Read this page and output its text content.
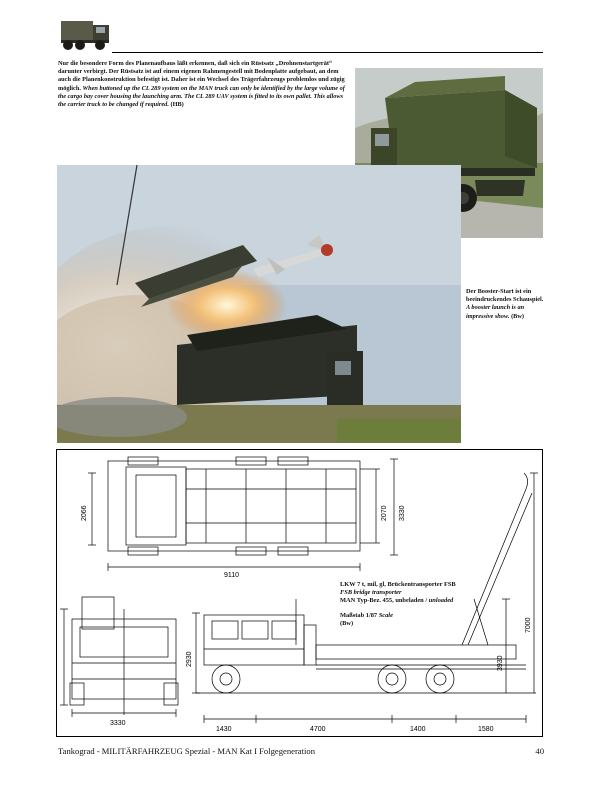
Nur die besondere Form des Planenaufbaus läßt erkennen, daß sich ein Rüstsatz „Drohnenstartgerät“ darunter verbirgt. Der Rüstsatz ist auf einem eigenen Rahmengestell mit Bodenplatte aufgebaut, an dem auch die Planenkonstruktion befestigt ist. Daher ist ein Wechsel des Trägerfahrzeugs problemlos und zügig möglich. When buttoned up the CL 289 system on the MAN truck can only be identified by the large volume of the cargo bay cover housing the launching arm. The CL 289 UAV system is fitted to its own pallet. This allows the carrier truck to be changed if required. (HB)
Der Booster-Start ist ein beeindruckendes Schauspiel. A booster launch is an impressive show. (Bw)
2066	2070 3330
9110
3330
2930
7000
3930
1430	4700	1400	1580
LKW 7 t, mil, gl, Brückentransporter FSB
FSB bridge transporter
MAN Typ-Bez. 455, unbeladen / unloaded
Maßstab 1/87 Scale
(Bw)
Tankograd - MILITÄRFAHRZEUG Spezial - MAN Kat I Folgegeneration	40
